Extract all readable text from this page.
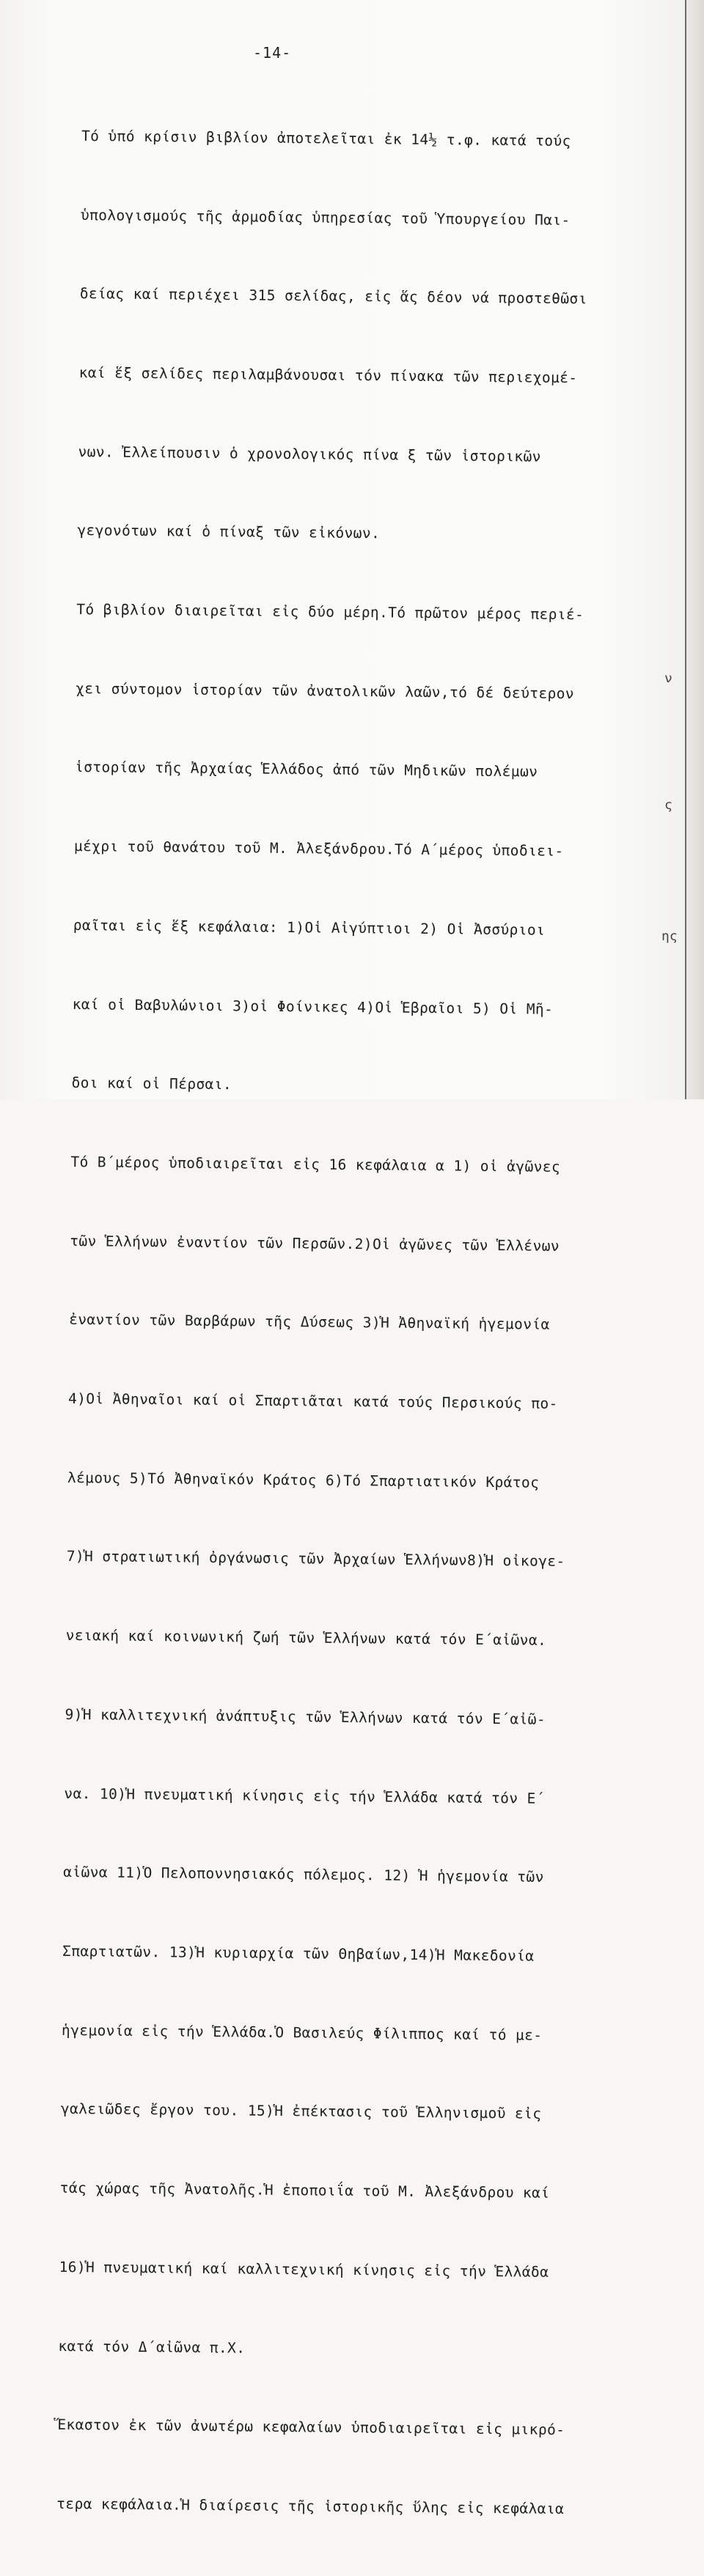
-14-

Τό ὑπό κρίσιν βιβλίον ἀποτελεῖται ἐκ 14½ τ.φ. κατά τούς

ὑπολογισμούς τῆς ἁρμοδίας ὑπηρεσίας τοῦ Ὑπουργείου Παι-

δείας καί περιέχει 315 σελίδας, εἰς ἅς δέον νά προστεθῶσι

καί ἕξ σελίδες περιλαμβάνουσαι τόν πίνακα τῶν περιεχομέ-

νων. Ἐλλείπουσιν ὁ χρονολογικός πίνα ξ τῶν ἱστορικῶν

γεγονότων καί ὁ πίναξ τῶν εἰκόνων.

Τό βιβλίον διαιρεῖται εἰς δύο μέρη.Τό πρῶτον μέρος περιέ-

χει σύντομον ἱστορίαν τῶν ἀνατολικῶν λαῶν,τό δέ δεύτερον

ἱστορίαν τῆς Ἀρχαίας Ἑλλάδος ἀπό τῶν Μηδικῶν πολέμων

μέχρι τοῦ θανάτου τοῦ Μ. Ἀλεξάνδρου.Τό Α΄μέρος ὑποδιει-

ραῖται εἰς ἕξ κεφάλαια: 1)Οἱ Αἰγύπτιοι 2) Οἱ Ἀσσύριοι

καί οἱ Βαβυλώνιοι 3)οἱ Φοίνικες 4)Οἱ Ἑβραῖοι 5) Οἱ Μῆ-

δοι καί οἱ Πέρσαι.

Τό Β΄μέρος ὑποδιαιρεῖται εἰς 16 κεφάλαια α 1) οἱ ἀγῶνες

τῶν Ἑλλήνων ἐναντίον τῶν Περσῶν.2)Οἱ ἀγῶνες τῶν Ἑλλένων

ἐναντίον τῶν Βαρβάρων τῆς Δύσεως 3)Ἡ Ἀθηναϊκή ἡγεμονία

4)Οἱ Ἀθηναῖοι καί οἱ Σπαρτιᾶται κατά τούς Περσικούς πο-

λέμους 5)Τό Ἀθηναϊκόν Κράτος 6)Τό Σπαρτιατικόν Κράτος

7)Ἡ στρατιωτική ὀργάνωσις τῶν Ἀρχαίων Ἑλλήνων8)Ἡ οἰκογε-

νειακή καί κοινωνική ζωή τῶν Ἑλλήνων κατά τόν Ε΄αἰῶνα.

9)Ἡ καλλιτεχνική ἀνάπτυξις τῶν Ἑλλήνων κατά τόν Ε΄αἰῶ-

να. 10)Ἡ πνευματική κίνησις εἰς τήν Ἑλλάδα κατά τόν Ε΄

αἰῶνα 11)Ὁ Πελοποννησιακός πόλεμος. 12) Ἡ ἡγεμονία τῶν

Σπαρτιατῶν. 13)Ἡ κυριαρχία τῶν Θηβαίων,14)Ἡ Μακεδονία

ἡγεμονία εἰς τήν Ἑλλάδα.Ὁ Βασιλεύς Φίλιππος καί τό με-

γαλειῶδες ἔργον του. 15)Ἡ ἐπέκτασις τοῦ Ἑλληνισμοῦ εἰς

τάς χώρας τῆς Ἀνατολῆς.Ἡ ἐποποιΐα τοῦ Μ. Ἀλεξάνδρου καί

16)Ἡ πνευματική καί καλλιτεχνική κίνησις εἰς τήν Ἑλλάδα

κατά τόν Δ΄αἰῶνα π.Χ.

Ἕκαστον ἐκ τῶν ἀνωτέρω κεφαλαίων ὑποδιαιρεῖται εἰς μικρό-

τερα κεφάλαια.Ἡ διαίρεσις τῆς ἱστορικῆς ὕλης εἰς κεφάλαια

ν
ς
ης
